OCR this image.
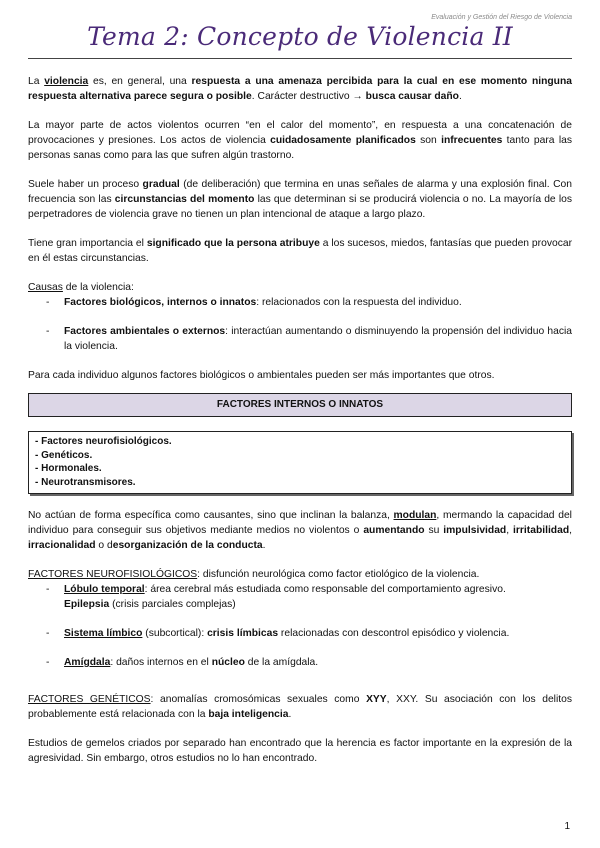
Evaluación y Gestión del Riesgo de Violencia
Tema 2: Concepto de Violencia II

La violencia es, en general, una respuesta a una amenaza percibida para la cual en ese momento ninguna respuesta alternativa parece segura o posible. Carácter destructivo → busca causar daño.

La mayor parte de actos violentos ocurren “en el calor del momento”, en respuesta a una concatenación de provocaciones y presiones. Los actos de violencia cuidadosamente planificados son infrecuentes tanto para las personas sanas como para las que sufren algún trastorno.

Suele haber un proceso gradual (de deliberación) que termina en unas señales de alarma y una explosión final. Con frecuencia son las circunstancias del momento las que determinan si se producirá violencia o no. La mayoría de los perpetradores de violencia grave no tienen un plan intencional de ataque a largo plazo.

Tiene gran importancia el significado que la persona atribuye a los sucesos, miedos, fantasías que pueden provocar en él estas circunstancias.

Causas de la violencia:

- Factores biológicos, internos o innatos: relacionados con la respuesta del individuo.
- Factores ambientales o externos: interactúan aumentando o disminuyendo la propensión del individuo hacia la violencia.

Para cada individuo algunos factores biológicos o ambientales pueden ser más importantes que otros.

FACTORES INTERNOS O INNATOS
- Factores neurofisiológicos.
- Genéticos.
- Hormonales.
- Neurotransmisores.

No actúan de forma específica como causantes, sino que inclinan la balanza, modulan, mermando la capacidad del individuo para conseguir sus objetivos mediante medios no violentos o aumentando su impulsividad, irritabilidad, irracionalidad o desorganización de la conducta.

FACTORES NEUROFISIOLÓGICOS: disfunción neurológica como factor etiológico de la violencia.

- Lóbulo temporal: área cerebral más estudiada como responsable del comportamiento agresivo.
Epilepsia (crisis parciales complejas)
- Sistema límbico (subcortical): crisis límbicas relacionadas con descontrol episódico y violencia.
- Amígdala: daños internos en el núcleo de la amígdala.

FACTORES GENÉTICOS: anomalías cromosómicas sexuales como XYY, XXY. Su asociación con los delitos probablemente está relacionada con la baja inteligencia.

Estudios de gemelos criados por separado han encontrado que la herencia es factor importante en la expresión de la agresividad. Sin embargo, otros estudios no lo han encontrado.

1
